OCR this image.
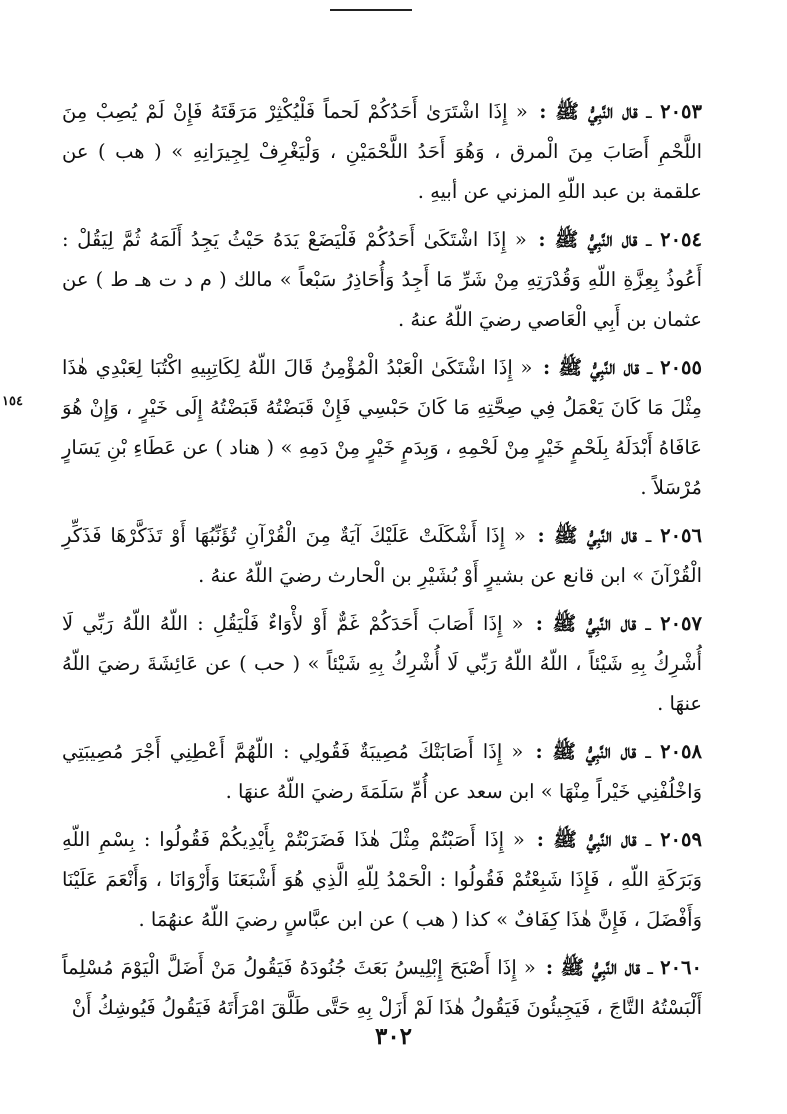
١٥٤

٢٠٥٣ ـ قال النَّبِيُّ ﷺ : « إِذَا اشْتَرَىٰ أَحَدُكُمْ لَحماً فَلْيُكْثِرْ مَرَقَتَهُ فَإِنْ لَمْ يُصِبْ مِنَ اللَّحْمِ أَصَابَ مِنَ الْمرق ، وَهُوَ أَحَدُ اللَّحْمَيْنِ ، وَلْيَغْرِفْ لِجِيرَانِهِ » ( هب ) عن علقمة بن عبد اللّهِ المزني عن أبيهِ .

٢٠٥٤ ـ قال النَّبِيُّ ﷺ : « إِذَا اشْتَكَىٰ أَحَدُكُمْ فَلْيَضَعْ يَدَهُ حَيْثُ يَجِدُ أَلَمَهُ ثُمَّ لِيَقُلْ : أَعُوذُ بِعِزَّةِ اللّهِ وَقُدْرَتِهِ مِنْ شَرِّ مَا أَجِدُ وَأُحَاذِرُ سَبْعاً » مالك ( م د ت هـ ط ) عن عثمان بن أَبِي الْعَاصي رضيَ اللّهُ عنهُ .

٢٠٥٥ ـ قال النَّبِيُّ ﷺ : « إِذَا اشْتَكَىٰ الْعَبْدُ الْمُؤْمِنُ قَالَ اللّهُ لِكَاتِبِيهِ اكْتُبَا لِعَبْدِي هٰذَا مِثْلَ مَا كَانَ يَعْمَلُ فِي صِحَّتِهِ مَا كَانَ حَبْسِي فَإِنْ قَبَضْتُهُ قَبَضْتُهُ إِلَى خَيْرٍ ، وَإِنْ هُوَ عَافَاهُ أَبْدَلَهُ بِلَحْمٍ خَيْرٍ مِنْ لَحْمِهِ ، وَبِدَمٍ خَيْرٍ مِنْ دَمِهِ » ( هناد ) عن عَطَاءِ بْنِ يَسَارٍ مُرْسَلاً .

٢٠٥٦ ـ قال النَّبِيُّ ﷺ : « إِذَا أَشْكَلَتْ عَلَيْكَ آيَةٌ مِنَ الْقُرْآنِ تُؤَنِّبُهَا أَوْ تَذَكَّرْهَا فَذَكِّرِ الْقُرْآنَ » ابن قانع عن بشيرٍ أَوْ بُشَيْرِ بن الْحارث رضيَ اللّهُ عنهُ .

٢٠٥٧ ـ قال النَّبِيُّ ﷺ : « إِذَا أَصَابَ أَحَدَكُمْ غَمٌّ أَوْ لأْوَاءٌ فَلْيَقُلِ : اللّهُ اللّهُ رَبِّي لَا أُشْرِكُ بِهِ شَيْئاً ، اللّهُ اللّهُ رَبِّي لَا أُشْرِكُ بِهِ شَيْئاً » ( حب ) عن عَائِشَةَ رضيَ اللّهُ عنهَا .

٢٠٥٨ ـ قال النَّبِيُّ ﷺ : « إِذَا أَصَابَتْكَ مُصِيبَةٌ فَقُولِي : اللّهُمَّ أَعْطِنِي أَجْرَ مُصِيبَتِي وَاخْلُفْنِي خَيْراً مِنْهَا » ابن سعد عن أُمِّ سَلَمَةَ رضيَ اللّهُ عنهَا .

٢٠٥٩ ـ قال النَّبِيُّ ﷺ : « إِذَا أَصَبْتُمْ مِثْلَ هٰذَا فَضَرَبْتُمْ بِأَيْدِيكُمْ فَقُولُوا : بِسْمِ اللّهِ وَبَرَكَةِ اللّهِ ، فَإِذَا شَبِعْتُمْ فَقُولُوا : الْحَمْدُ لِلّهِ الَّذِي هُوَ أَشْبَعَنَا وَأَرْوَانَا ، وَأَنْعَمَ عَلَيْنَا وَأَفْضَلَ ، فَإِنَّ هٰذَا كِفَافٌ » كذا ( هب ) عن ابن عبَّاسٍ رضيَ اللّهُ عنهُمَا .

٢٠٦٠ ـ قال النَّبِيُّ ﷺ : « إِذَا أَصْبَحَ إِبْلِيسُ بَعَثَ جُنُودَهُ فَيَقُولُ مَنْ أَضَلَّ الْيَوْمَ مُسْلِماً أَلْبَسْتُهُ التَّاجَ ، فَيَجِيئُونَ فَيَقُولُ هٰذَا لَمْ أَزَلْ بِهِ حَتَّى طَلَّقَ امْرَأَتَهُ فَيَقُولُ فَيُوشِكُ أَنْ

٣٠٢
